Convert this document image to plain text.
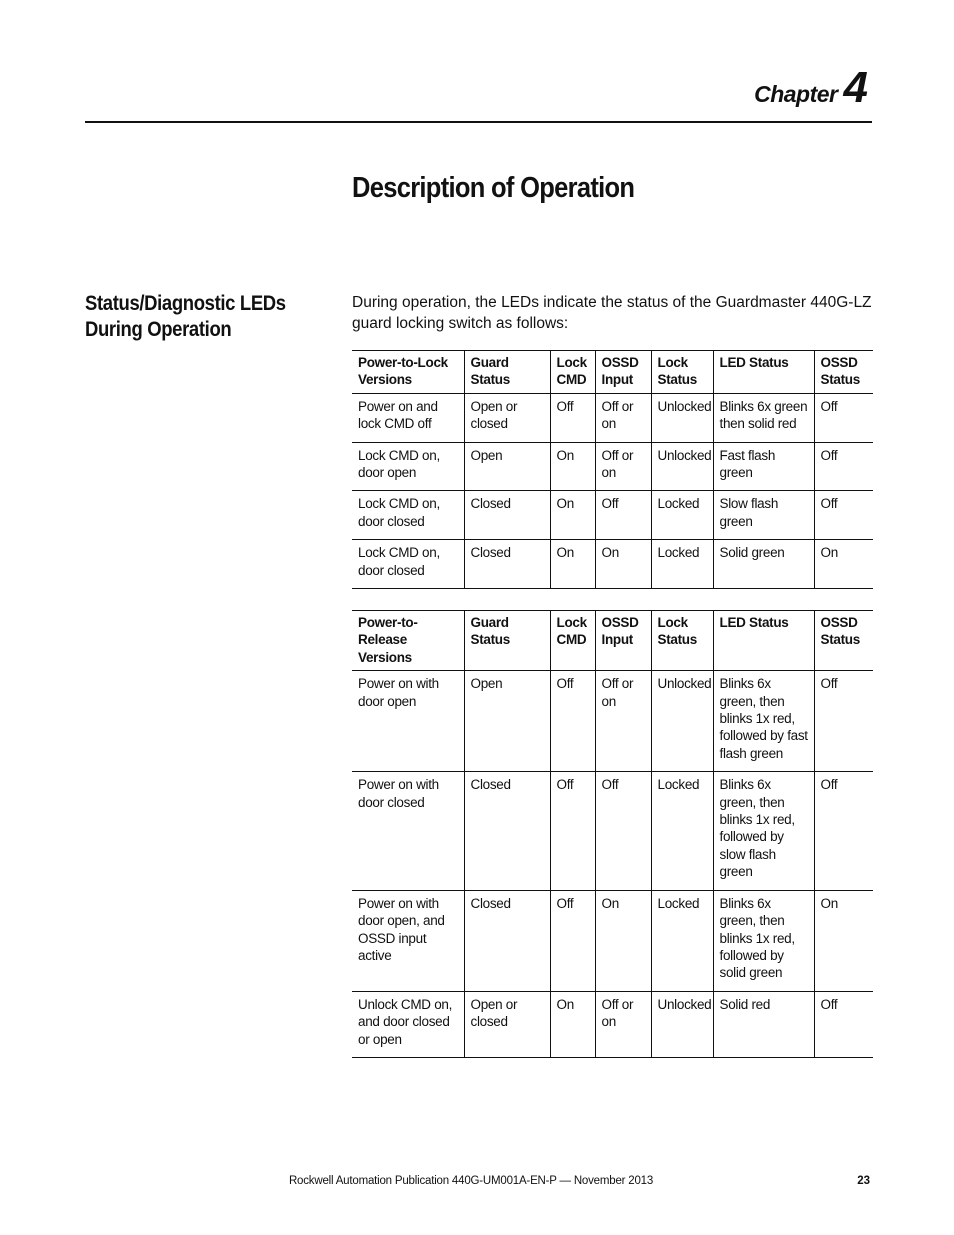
Chapter 4
Description of Operation
Status/Diagnostic LEDs During Operation

During operation, the LEDs indicate the status of the Guardmaster 440G-LZ guard locking switch as follows:

Power-to-Lock Versions	Guard Status	Lock CMD	OSSD Input	Lock Status	LED Status	OSSD Status

Power on and lock CMD off	Open or closed	Off	Off or on	Unlocked	Blinks 6x green then solid red	Off

Lock CMD on, door open	Open	On	Off or on	Unlocked	Fast flash green	Off

Lock CMD on, door closed	Closed	On	Off	Locked	Slow flash green	Off

Lock CMD on, door closed	Closed	On	On	Locked	Solid green	On
Power-to-Release Versions	Guard Status	Lock CMD	OSSD Input	Lock Status	LED Status	OSSD Status

Power on with door open	Open	Off	Off or on	Unlocked	Blinks 6x green, then blinks 1x red, followed by fast flash green	Off

Power on with door closed	Closed	Off	Off	Locked	Blinks 6x green, then blinks 1x red, followed by slow flash green	Off

Power on with door open, and OSSD input active	Closed	Off	On	Locked	Blinks 6x green, then blinks 1x red, followed by solid green	On

Unlock CMD on, and door closed or open	Open or closed	On	Off or on	Unlocked	Solid red	Off
Rockwell Automation Publication 440G-UM001A-EN-P — November 2013	23
